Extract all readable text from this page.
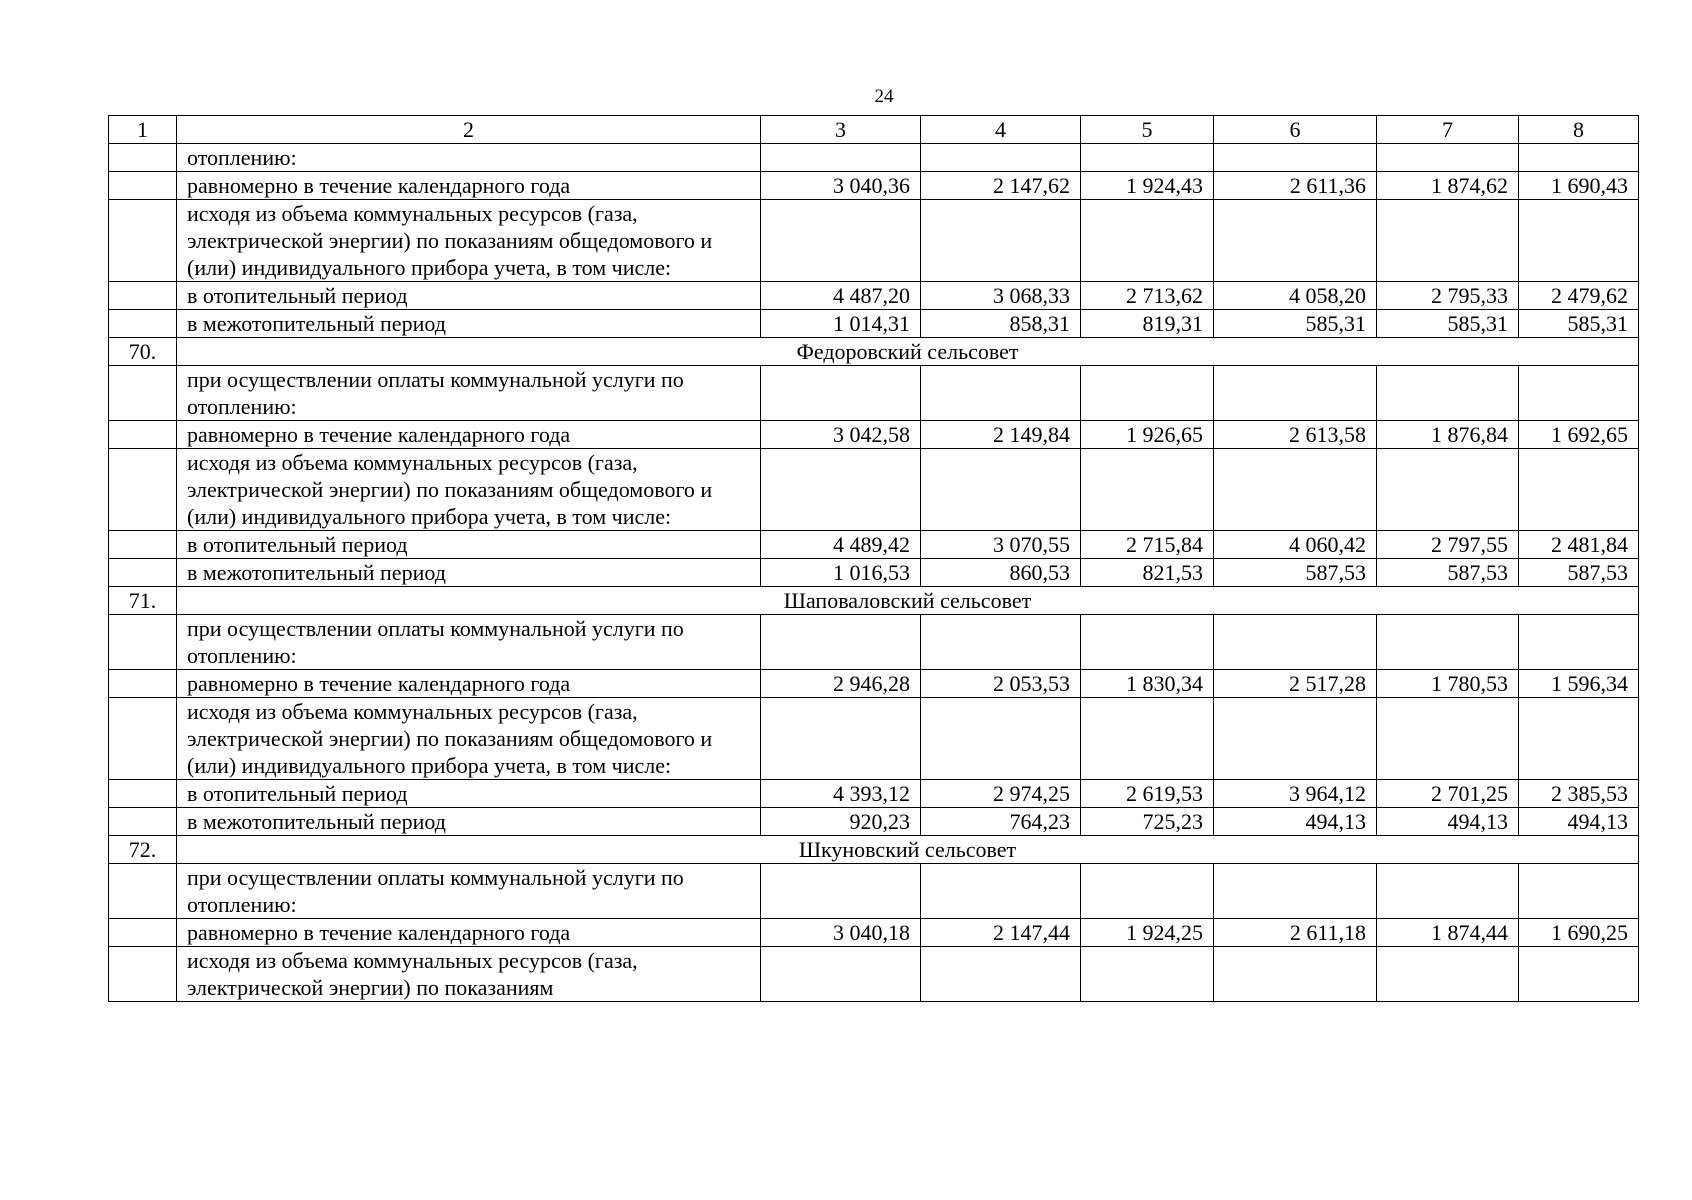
24
1	2	3	4	5	6	7	8
	отоплению:						
	равномерно в течение календарного года	3 040,36	2 147,62	1 924,43	2 611,36	1 874,62	1 690,43
	исходя из объема коммунальных ресурсов (газа, электрической энергии) по показаниям общедомового и (или) индивидуального прибора учета, в том числе:						
	в отопительный период	4 487,20	3 068,33	2 713,62	4 058,20	2 795,33	2 479,62
	в межотопительный период	1 014,31	858,31	819,31	585,31	585,31	585,31
70.	Федоровский сельсовет						
	при осуществлении оплаты коммунальной услуги по отоплению:						
	равномерно в течение календарного года	3 042,58	2 149,84	1 926,65	2 613,58	1 876,84	1 692,65
	исходя из объема коммунальных ресурсов (газа, электрической энергии) по показаниям общедомового и (или) индивидуального прибора учета, в том числе:						
	в отопительный период	4 489,42	3 070,55	2 715,84	4 060,42	2 797,55	2 481,84
	в межотопительный период	1 016,53	860,53	821,53	587,53	587,53	587,53
71.	Шаповаловский сельсовет						
	при осуществлении оплаты коммунальной услуги по отоплению:						
	равномерно в течение календарного года	2 946,28	2 053,53	1 830,34	2 517,28	1 780,53	1 596,34
	исходя из объема коммунальных ресурсов (газа, электрической энергии) по показаниям общедомового и (или) индивидуального прибора учета, в том числе:						
	в отопительный период	4 393,12	2 974,25	2 619,53	3 964,12	2 701,25	2 385,53
	в межотопительный период	920,23	764,23	725,23	494,13	494,13	494,13
72.	Шкуновский сельсовет						
	при осуществлении оплаты коммунальной услуги по отоплению:						
	равномерно в течение календарного года	3 040,18	2 147,44	1 924,25	2 611,18	1 874,44	1 690,25
	исходя из объема коммунальных ресурсов (газа, электрической энергии) по показаниям						
